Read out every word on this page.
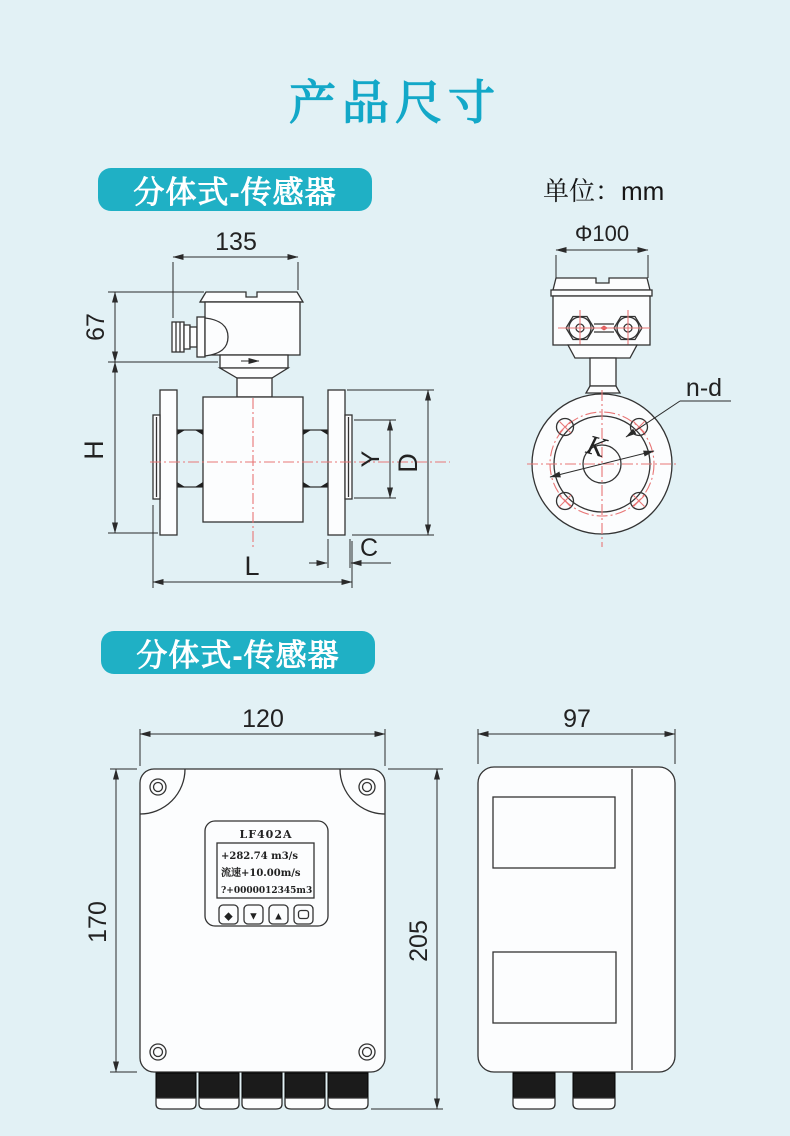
产品尺寸
分体式-传感器	单位：mm
分体式-传感器
135
67
H	Y D
C
L
Φ100
K
n-d
120
LF402A
+282.74 m3/s
流速+10.00m/s
?+0000012345m3
◆ ▼ ▲
170	205
97
